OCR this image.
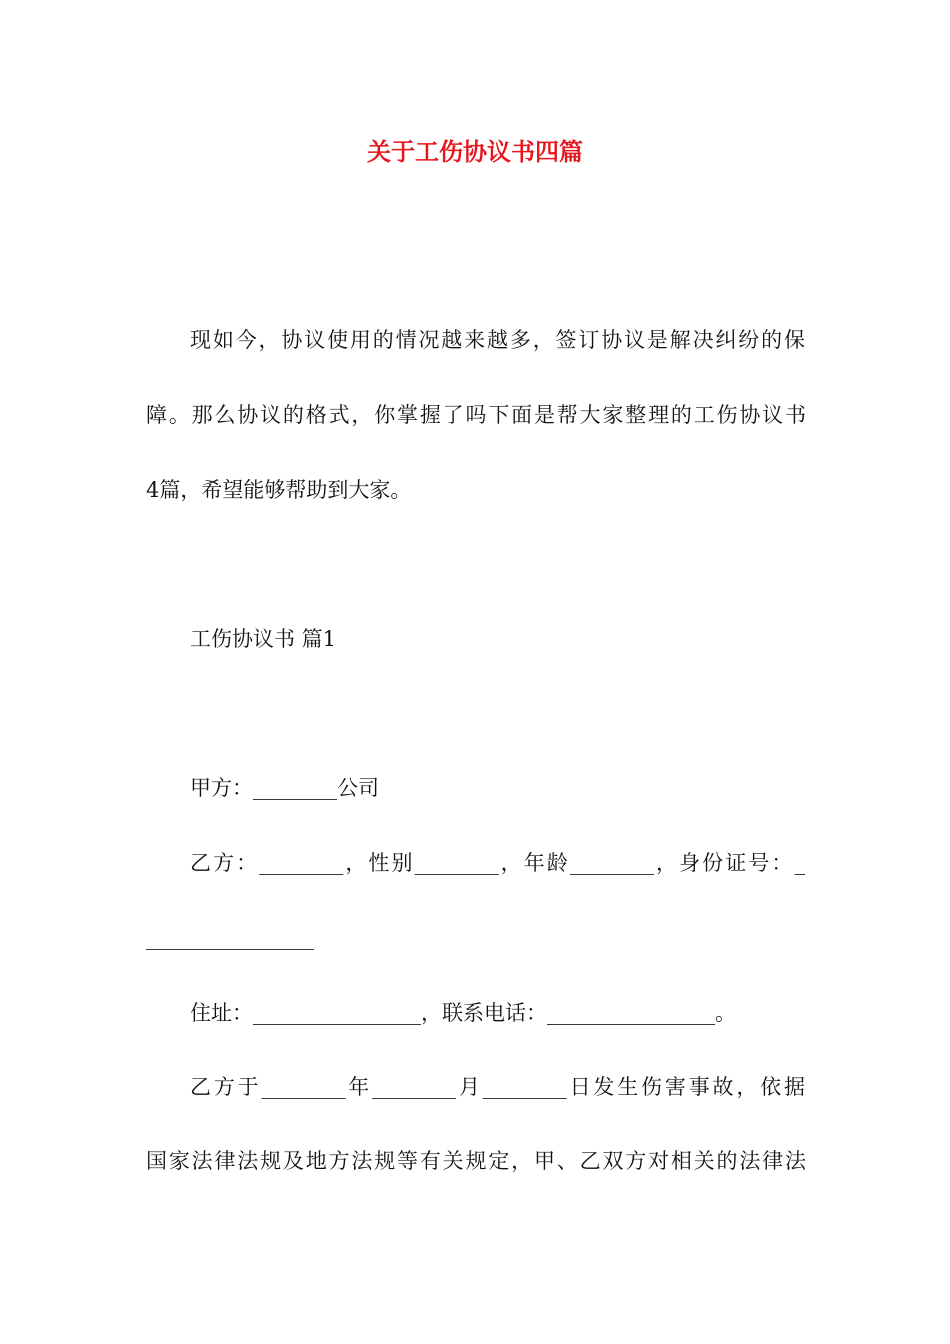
关于工伤协议书四篇

现如今，协议使用的情况越来越多，签订协议是解决纠纷的保

障。那么协议的格式，你掌握了吗下面是帮大家整理的工伤协议书

4篇，希望能够帮助到大家。

工伤协议书 篇1

甲方：________公司

乙方：________，性别________，年龄________，身份证号：_

________________

住址：________________，联系电话：________________。

乙方于________年________月________日发生伤害事故，依据

国家法律法规及地方法规等有关规定，甲、乙双方对相关的法律法
